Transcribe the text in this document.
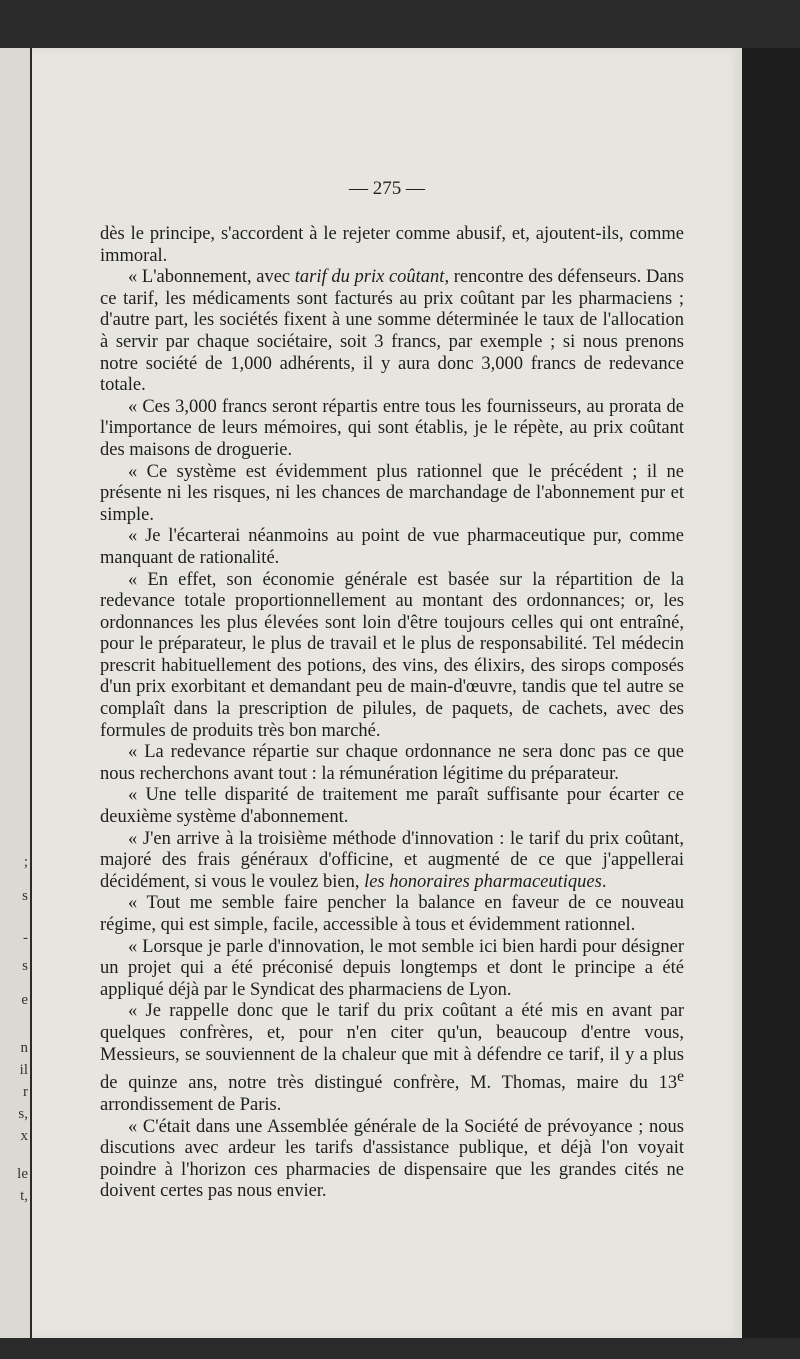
;
s
-
s
e
n
il
r
s,
x
le
t,
— 275 —

dès le principe, s'accordent à le rejeter comme abusif, et, ajoutent-ils, comme immoral.

« L'abonnement, avec tarif du prix coûtant, rencontre des défenseurs. Dans ce tarif, les médicaments sont facturés au prix coûtant par les pharmaciens ; d'autre part, les sociétés fixent à une somme déterminée le taux de l'allocation à servir par chaque sociétaire, soit 3 francs, par exemple ; si nous prenons notre société de 1,000 adhérents, il y aura donc 3,000 francs de redevance totale.

« Ces 3,000 francs seront répartis entre tous les fournisseurs, au prorata de l'importance de leurs mémoires, qui sont établis, je le répète, au prix coûtant des maisons de droguerie.

« Ce système est évidemment plus rationnel que le précédent ; il ne présente ni les risques, ni les chances de marchandage de l'abonnement pur et simple.

« Je l'écarterai néanmoins au point de vue pharmaceutique pur, comme manquant de rationalité.

« En effet, son économie générale est basée sur la répartition de la redevance totale proportionnellement au montant des ordonnances; or, les ordonnances les plus élevées sont loin d'être toujours celles qui ont entraîné, pour le préparateur, le plus de travail et le plus de responsabilité. Tel médecin prescrit habituellement des potions, des vins, des élixirs, des sirops composés d'un prix exorbitant et demandant peu de main-d'œuvre, tandis que tel autre se complaît dans la prescription de pilules, de paquets, de cachets, avec des formules de produits très bon marché.

« La redevance répartie sur chaque ordonnance ne sera donc pas ce que nous recherchons avant tout : la rémunération légitime du préparateur.

« Une telle disparité de traitement me paraît suffisante pour écarter ce deuxième système d'abonnement.

« J'en arrive à la troisième méthode d'innovation : le tarif du prix coûtant, majoré des frais généraux d'officine, et augmenté de ce que j'appellerai décidément, si vous le voulez bien, les honoraires pharmaceutiques.

« Tout me semble faire pencher la balance en faveur de ce nouveau régime, qui est simple, facile, accessible à tous et évidemment rationnel.

« Lorsque je parle d'innovation, le mot semble ici bien hardi pour désigner un projet qui a été préconisé depuis longtemps et dont le principe a été appliqué déjà par le Syndicat des pharmaciens de Lyon.

« Je rappelle donc que le tarif du prix coûtant a été mis en avant par quelques confrères, et, pour n'en citer qu'un, beaucoup d'entre vous, Messieurs, se souviennent de la chaleur que mit à défendre ce tarif, il y a plus de quinze ans, notre très distingué confrère, M. Thomas, maire du 13e arrondissement de Paris.

« C'était dans une Assemblée générale de la Société de prévoyance ; nous discutions avec ardeur les tarifs d'assistance publique, et déjà l'on voyait poindre à l'horizon ces pharmacies de dispensaire que les grandes cités ne doivent certes pas nous envier.
